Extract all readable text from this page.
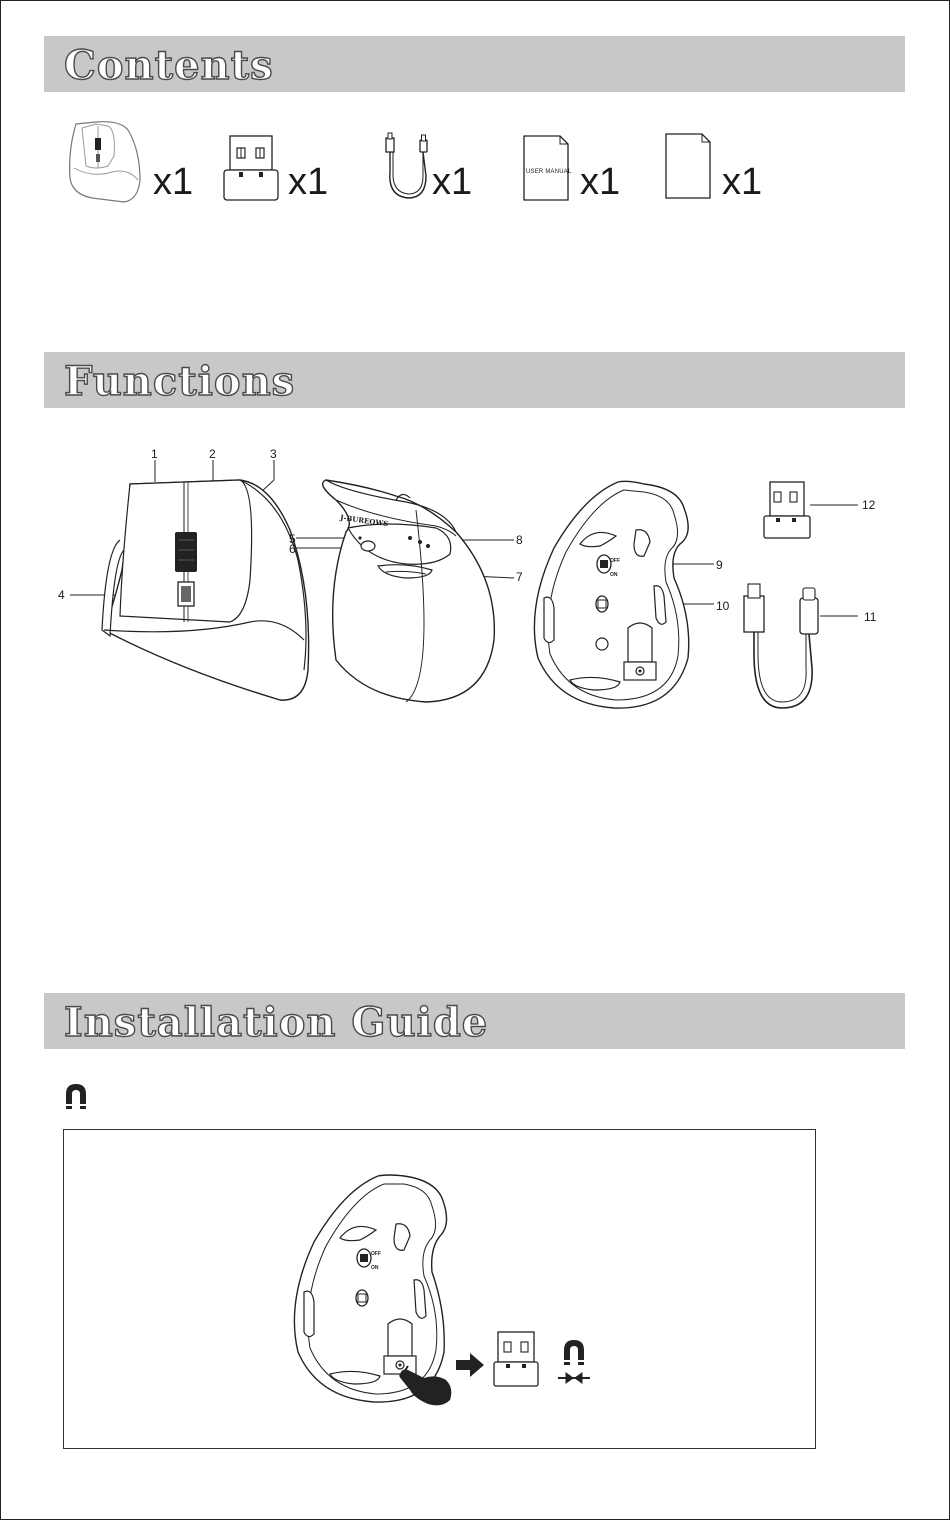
Contents
x1 x1	x1	USER MANUAL x1	x1
Functions
1	2	3
4
J-BUREOWS
5
6
8
7
OFF
ON
9
10
12
11
Installation Guide
OFF
ON
